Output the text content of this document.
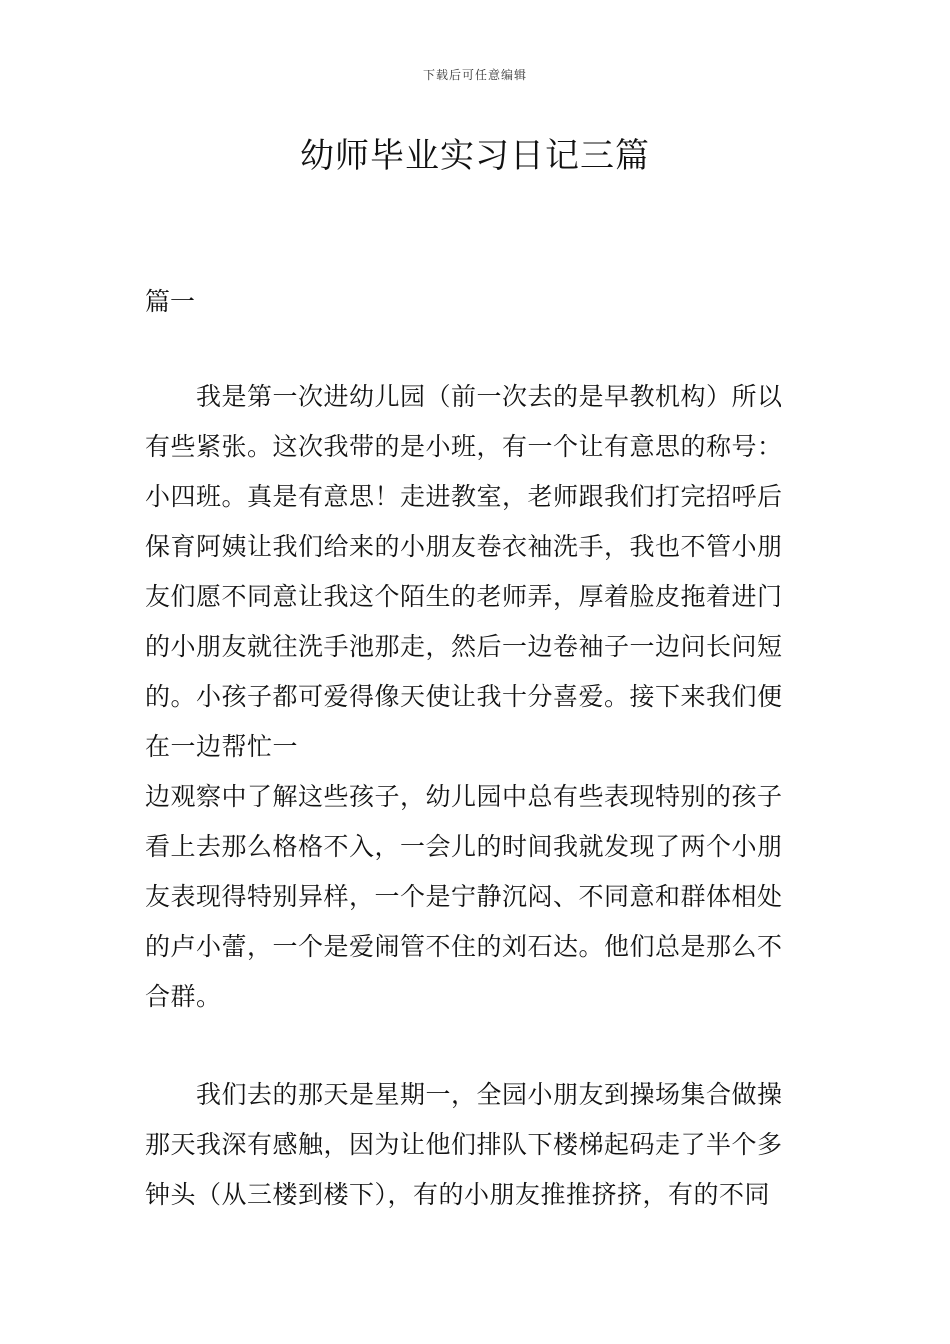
下载后可任意编辑
幼师毕业实习日记三篇
篇一
　　我是第一次进幼儿园（前一次去的是早教机构）所以
有些紧张。这次我带的是小班，有一个让有意思的称号：
小四班。真是有意思！走进教室，老师跟我们打完招呼后
保育阿姨让我们给来的小朋友卷衣袖洗手，我也不管小朋
友们愿不同意让我这个陌生的老师弄，厚着脸皮拖着进门
的小朋友就往洗手池那走，然后一边卷袖子一边问长问短
的。小孩子都可爱得像天使让我十分喜爱。接下来我们便
在一边帮忙一
边观察中了解这些孩子，幼儿园中总有些表现特别的孩子
看上去那么格格不入，一会儿的时间我就发现了两个小朋
友表现得特别异样，一个是宁静沉闷、不同意和群体相处
的卢小蕾，一个是爱闹管不住的刘石达。他们总是那么不
合群。
　　我们去的那天是星期一，全园小朋友到操场集合做操
那天我深有感触，因为让他们排队下楼梯起码走了半个多
钟头（从三楼到楼下），有的小朋友推推挤挤，有的不同
